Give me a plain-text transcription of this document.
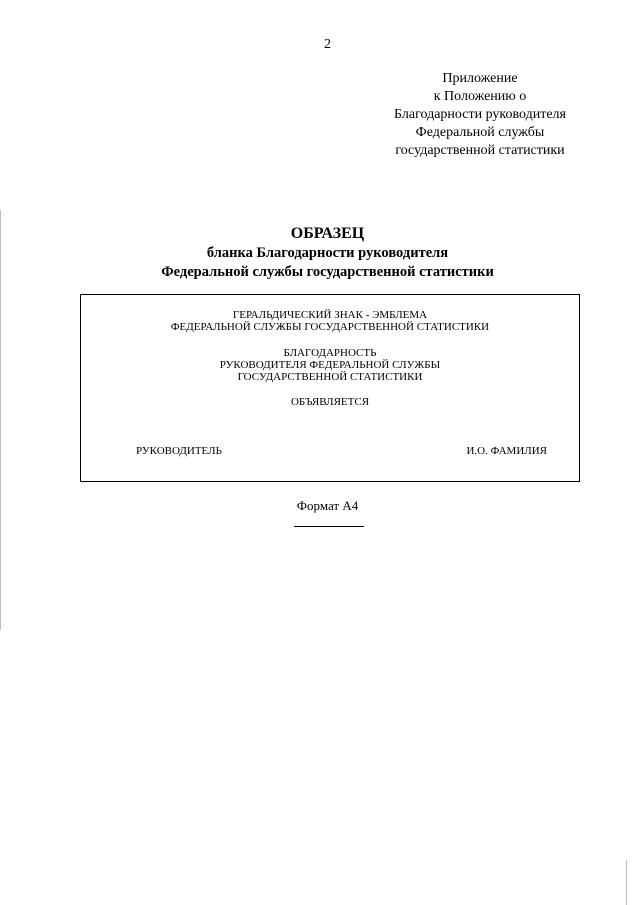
2
Приложение
к Положению о
Благодарности руководителя
Федеральной службы
государственной статистики
ОБРАЗЕЦ
бланка Благодарности руководителя
Федеральной службы государственной статистики
ГЕРАЛЬДИЧЕСКИЙ ЗНАК - ЭМБЛЕМА
ФЕДЕРАЛЬНОЙ СЛУЖБЫ ГОСУДАРСТВЕННОЙ СТАТИСТИКИ
БЛАГОДАРНОСТЬ
РУКОВОДИТЕЛЯ ФЕДЕРАЛЬНОЙ СЛУЖБЫ
ГОСУДАРСТВЕННОЙ СТАТИСТИКИ
ОБЪЯВЛЯЕТСЯ
РУКОВОДИТЕЛЬ	И.О. ФАМИЛИЯ
Формат А4
